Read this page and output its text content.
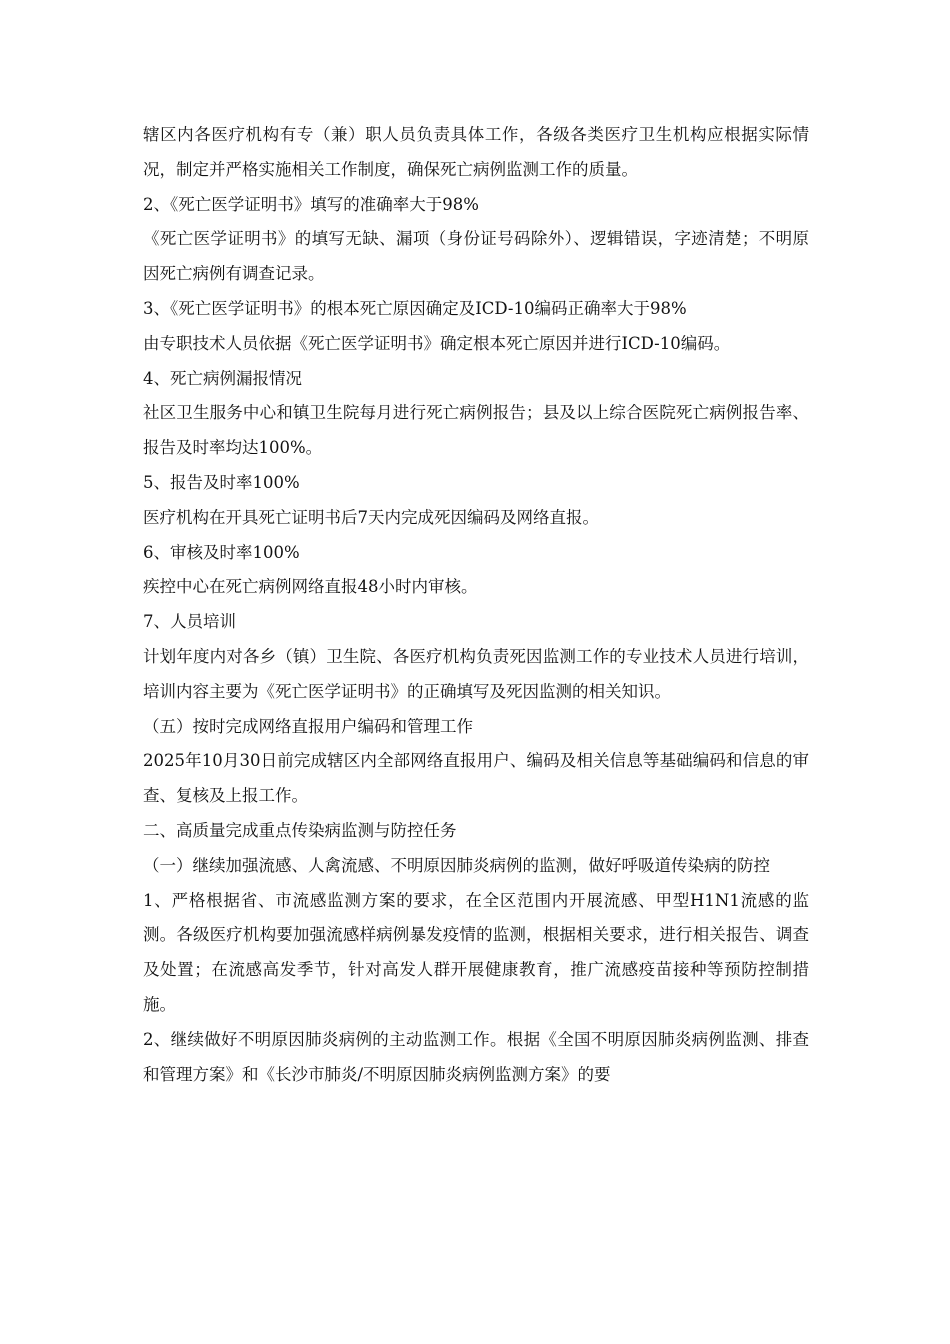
辖区内各医疗机构有专（兼）职人员负责具体工作，各级各类医疗卫生机构应根据实际情况，制定并严格实施相关工作制度，确保死亡病例监测工作的质量。

2、《死亡医学证明书》填写的准确率大于98%

《死亡医学证明书》的填写无缺、漏项（身份证号码除外）、逻辑错误，字迹清楚；不明原因死亡病例有调查记录。

3、《死亡医学证明书》的根本死亡原因确定及ICD-10编码正确率大于98%

由专职技术人员依据《死亡医学证明书》确定根本死亡原因并进行ICD-10编码。

4、死亡病例漏报情况

社区卫生服务中心和镇卫生院每月进行死亡病例报告；县及以上综合医院死亡病例报告率、报告及时率均达100%。

5、报告及时率100%

医疗机构在开具死亡证明书后7天内完成死因编码及网络直报。

6、审核及时率100%

疾控中心在死亡病例网络直报48小时内审核。

7、人员培训

计划年度内对各乡（镇）卫生院、各医疗机构负责死因监测工作的专业技术人员进行培训，培训内容主要为《死亡医学证明书》的正确填写及死因监测的相关知识。

（五）按时完成网络直报用户编码和管理工作

2025年10月30日前完成辖区内全部网络直报用户、编码及相关信息等基础编码和信息的审查、复核及上报工作。

二、高质量完成重点传染病监测与防控任务

（一）继续加强流感、人禽流感、不明原因肺炎病例的监测，做好呼吸道传染病的防控

1、严格根据省、市流感监测方案的要求，在全区范围内开展流感、甲型H1N1流感的监测。各级医疗机构要加强流感样病例暴发疫情的监测，根据相关要求，进行相关报告、调查及处置；在流感高发季节，针对高发人群开展健康教育，推广流感疫苗接种等预防控制措施。

2、继续做好不明原因肺炎病例的主动监测工作。根据《全国不明原因肺炎病例监测、排查和管理方案》和《长沙市肺炎/不明原因肺炎病例监测方案》的要
